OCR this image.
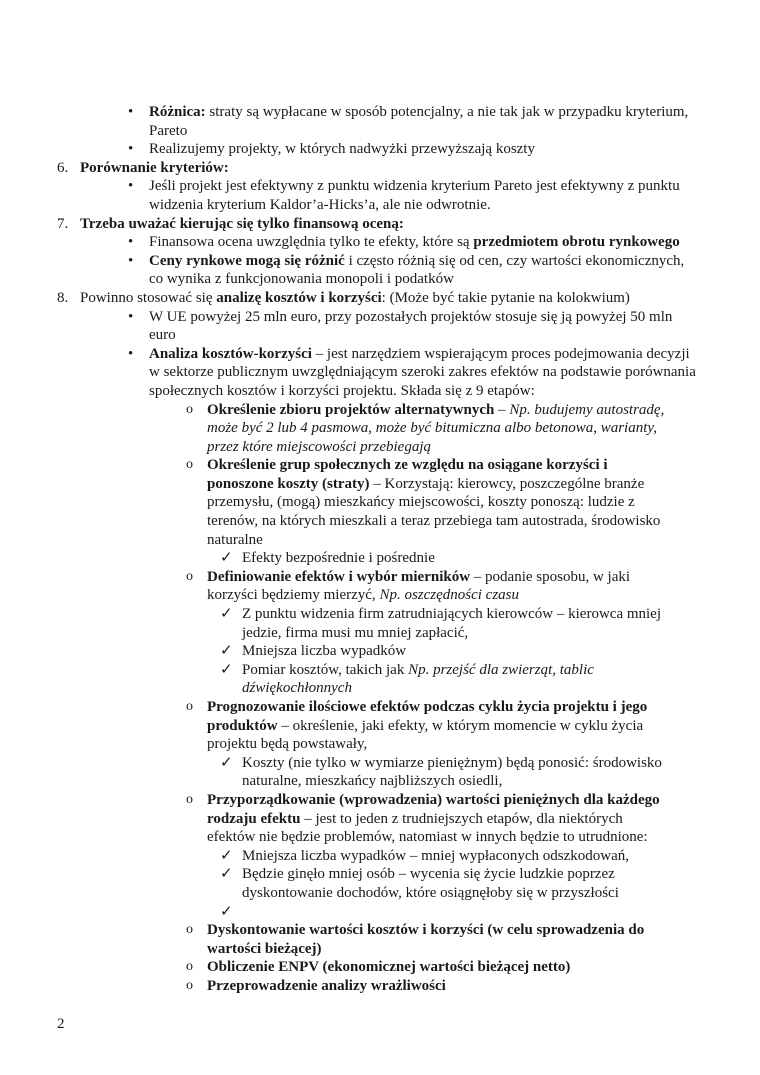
• Różnica: straty są wypłacane w sposób potencjalny, a nie tak jak w przypadku kryterium, Pareto
• Realizujemy projekty, w których nadwyżki przewyższają koszty
6. Porównanie kryteriów:
• Jeśli projekt jest efektywny z punktu widzenia kryterium Pareto jest efektywny z punktu widzenia kryterium Kaldor’a-Hicks’a, ale nie odwrotnie.
7. Trzeba uważać kierując się tylko finansową oceną:
• Finansowa ocena uwzględnia tylko te efekty, które są przedmiotem obrotu rynkowego
• Ceny rynkowe mogą się różnić i często różnią się od cen, czy wartości ekonomicznych, co wynika z funkcjonowania monopoli i podatków
8. Powinno stosować się analizę kosztów i korzyści: (Może być takie pytanie na kolokwium)
• W UE powyżej 25 mln euro, przy pozostałych projektów stosuje się ją powyżej 50 mln euro
• Analiza kosztów-korzyści – jest narzędziem wspierającym proces podejmowania decyzji w sektorze publicznym uwzględniającym szeroki zakres efektów na podstawie porównania społecznych kosztów i korzyści projektu. Składa się z 9 etapów:
o Określenie zbioru projektów alternatywnych – Np. budujemy autostradę, może być 2 lub 4 pasmowa, może być bitumiczna albo betonowa, warianty, przez które miejscowości przebiegają
o Określenie grup społecznych ze względu na osiągane korzyści i ponoszone koszty (straty) – Korzystają: kierowcy, poszczególne branże przemysłu, (mogą) mieszkańcy miejscowości, koszty ponoszą: ludzie z terenów, na których mieszkali a teraz przebiega tam autostrada, środowisko naturalne
✓ Efekty bezpośrednie i pośrednie
o Definiowanie efektów i wybór mierników – podanie sposobu, w jaki korzyści będziemy mierzyć, Np. oszczędności czasu
✓ Z punktu widzenia firm zatrudniających kierowców – kierowca mniej jedzie, firma musi mu mniej zapłacić,
✓ Mniejsza liczba wypadków
✓ Pomiar kosztów, takich jak Np. przejść dla zwierząt, tablic dźwiękochłonnych
o Prognozowanie ilościowe efektów podczas cyklu życia projektu i jego produktów – określenie, jaki efekty, w którym momencie w cyklu życia projektu będą powstawały,
✓ Koszty (nie tylko w wymiarze pieniężnym) będą ponosić: środowisko naturalne, mieszkańcy najbliższych osiedli,
o Przyporządkowanie (wprowadzenia) wartości pieniężnych dla każdego rodzaju efektu – jest to jeden z trudniejszych etapów, dla niektórych efektów nie będzie problemów, natomiast w innych będzie to utrudnione:
✓ Mniejsza liczba wypadków – mniej wypłaconych odszkodowań,
✓ Będzie ginęło mniej osób – wycenia się życie ludzkie poprzez dyskontowanie dochodów, które osiągnęłoby się w przyszłości
✓

o Dyskontowanie wartości kosztów i korzyści (w celu sprowadzenia do wartości bieżącej)
o Obliczenie ENPV (ekonomicznej wartości bieżącej netto)
o Przeprowadzenie analizy wrażliwości
2
